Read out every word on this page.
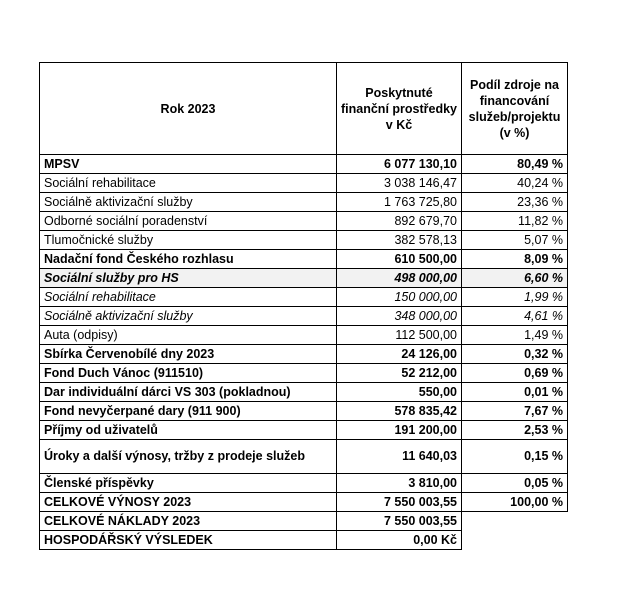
Rok 2023	Poskytnuté finanční prostředky v Kč	Podíl zdroje na financování služeb/projektu (v %)
MPSV	6 077 130,10	80,49 %
Sociální rehabilitace	3 038 146,47	40,24 %
Sociálně aktivizační služby	1 763 725,80	23,36 %
Odborné sociální poradenství	892 679,70	11,82 %
Tlumočnické služby	382 578,13	5,07 %
Nadační fond Českého rozhlasu	610 500,00	8,09 %
Sociální služby pro HS	498 000,00	6,60 %
Sociální rehabilitace	150 000,00	1,99 %
Sociálně aktivizační služby	348 000,00	4,61 %
Auta (odpisy)	112 500,00	1,49 %
Sbírka Červenobílé dny 2023	24 126,00	0,32 %
Fond Duch Vánoc (911510)	52 212,00	0,69 %
Dar individuální dárci VS 303 (pokladnou)	550,00	0,01 %
Fond nevyčerpané dary (911 900)	578 835,42	7,67 %
Příjmy od uživatelů	191 200,00	2,53 %
Úroky a další výnosy, tržby z prodeje služeb	11 640,03	0,15 %
Členské příspěvky	3 810,00	0,05 %
CELKOVÉ VÝNOSY 2023	7 550 003,55	100,00 %
CELKOVÉ NÁKLADY 2023	7 550 003,55	
HOSPODÁŘSKÝ VÝSLEDEK	0,00 Kč	
